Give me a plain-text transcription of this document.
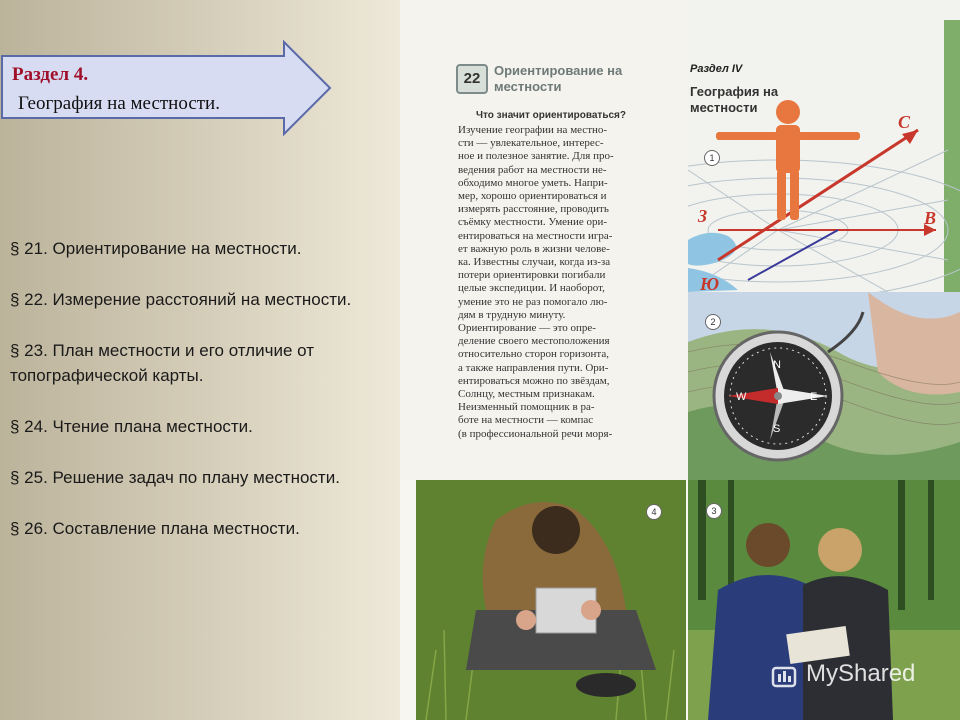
Раздел 4.
География на местности.
§ 21. Ориентирование на местности.
§ 22. Измерение расстояний на местности.
§ 23. План местности и его отличие от топографической карты.
§ 24. Чтение плана местности.
§ 25. Решение задач по плану местности.
§ 26. Составление плана местности.
22	Ориентирование на местности
Что значит ориентироваться?
Изучение географии на местно-
сти — увлекательное, интерес-
ное и полезное занятие. Для про-
ведения работ на местности не-
обходимо многое уметь. Напри-
мер, хорошо ориентироваться и
измерять расстояние, проводить
съёмку местности. Умение ори-
ентироваться на местности игра-
ет важную роль в жизни челове-
ка. Известны случаи, когда из-за
потери ориентировки погибали
целые экспедиции. И наоборот,
умение это не раз помогало лю-
дям в трудную минуту.
Ориентирование — это опре-
деление своего местоположения
относительно сторон горизонта,
а также направления пути. Ори-
ентироваться можно по звёздам,
Солнцу, местным признакам.
Неизменный помощник в ра-
боте на местности — компас
(в профессиональной речи моря-
С
В
З
Ю
Раздел IV
География на местности
1
N
S
E
W
2
4	3
MyShared
